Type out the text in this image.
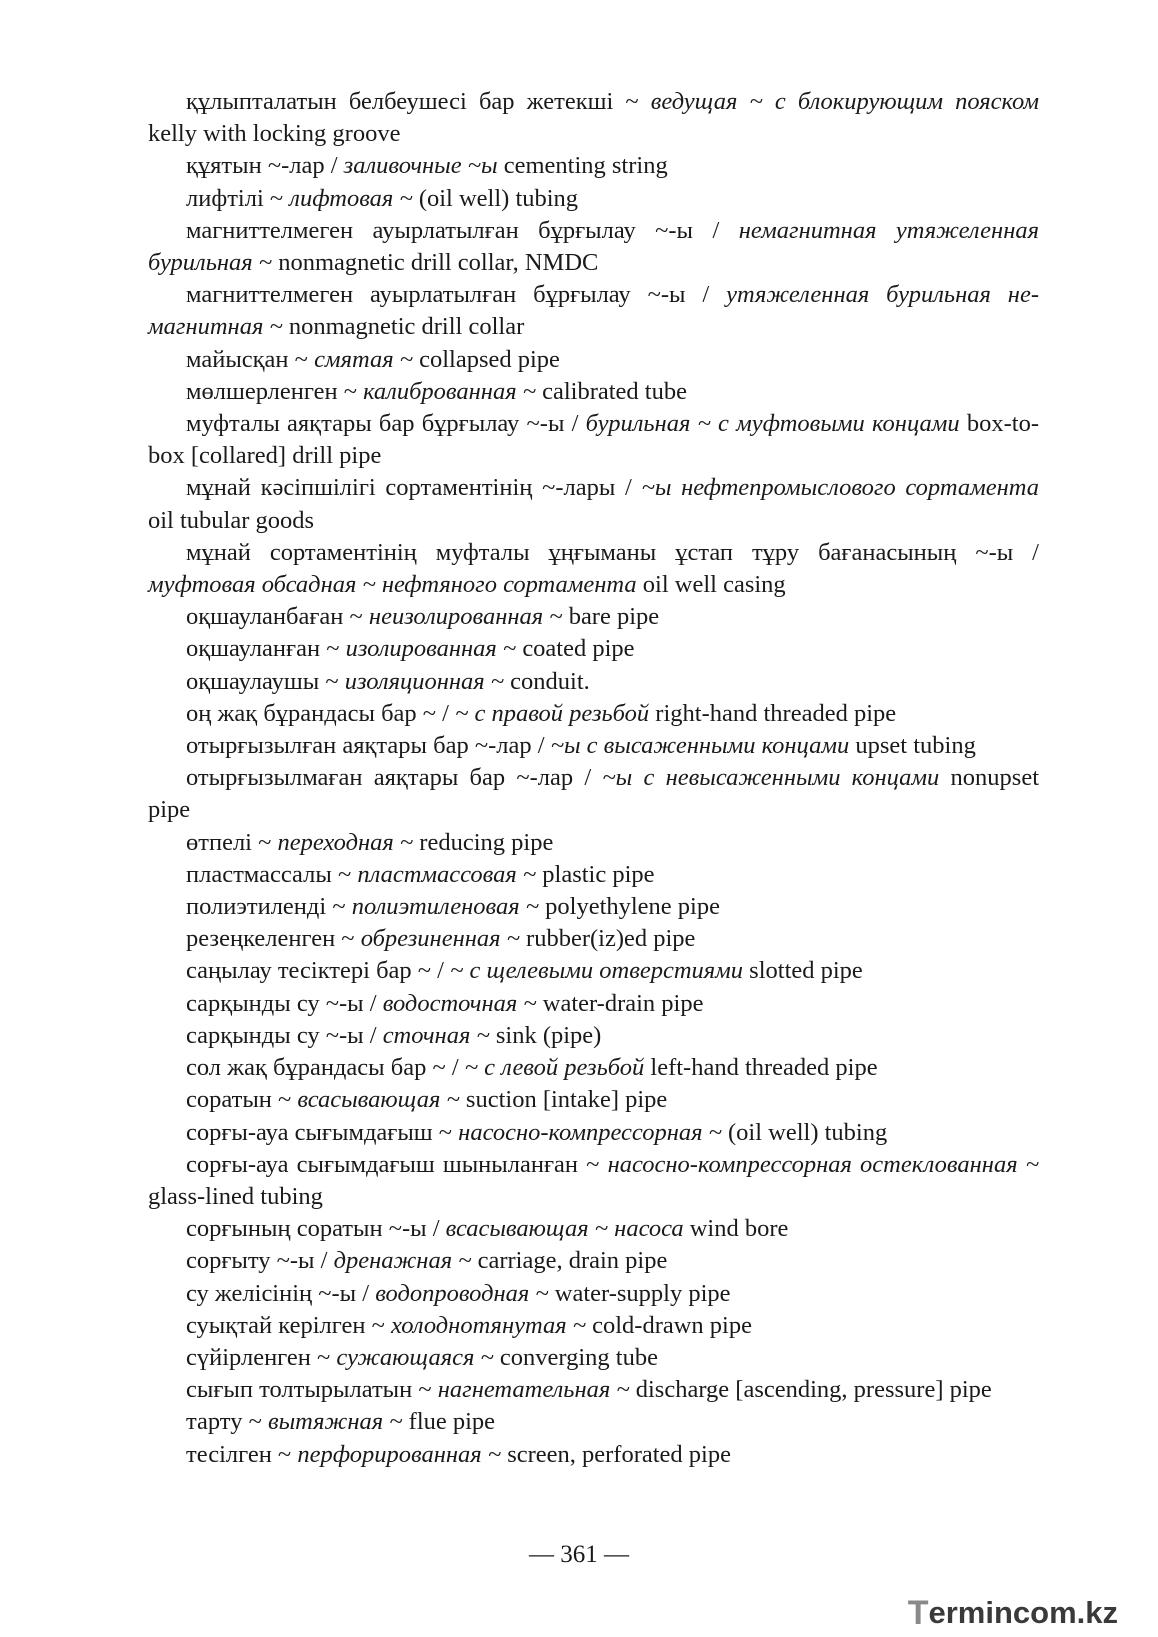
құлыпталатын белбеушесі бар жетекші ~ ведущая ~ с блокирующим пояском kelly with locking groove

құятын ~-лар / заливочные ~ы cementing string

лифтілі ~ лифтовая ~ (oil well) tubing

магниттелмеген ауырлатылған бұрғылау ~-ы / немагнитная утяжеленная бурильная ~ nonmagnetic drill collar, NMDC

магниттелмеген ауырлатылған бұрғылау ~-ы / утяжеленная бурильная немагнитная ~ nonmagnetic drill collar

майысқан ~ смятая ~ collapsed pipe

мөлшерленген ~ калиброванная ~ calibrated tube

муфталы аяқтары бар бұрғылау ~-ы / бурильная ~ с муфтовыми концами box-to-box [collared] drill pipe

мұнай кәсіпшілігі сортаментінің ~-лары / ~ы нефтепромыслового сортамента oil tubular goods

мұнай сортаментінің муфталы ұңғыманы ұстап тұру бағанасының ~-ы / муфтовая обсадная ~ нефтяного сортамента oil well casing

оқшауланбаған ~ неизолированная ~ bare pipe

оқшауланған ~ изолированная ~ coated pipe

оқшаулаушы ~ изоляционная ~ conduit.

оң жақ бұрандасы бар ~ / ~ с правой резьбой right-hand threaded pipe

отырғызылған аяқтары бар ~-лар / ~ы с высаженными концами upset tubing

отырғызылмаған аяқтары бар ~-лар / ~ы с невысаженными концами nonupset pipe

өтпелі ~ переходная ~ reducing pipe

пластмассалы ~ пластмассовая ~ plastic pipe

полиэтиленді ~ полиэтиленовая ~ polyethylene pipe

резеңкеленген ~ обрезиненная ~ rubber(iz)ed pipe

саңылау тесіктері бар ~ / ~ с щелевыми отверстиями slotted pipe

сарқынды су ~-ы / водосточная ~ water-drain pipe

сарқынды су ~-ы / сточная ~ sink (pipe)

сол жақ бұрандасы бар ~ / ~ с левой резьбой left-hand threaded pipe

соратын ~ всасывающая ~ suction [intake] pipe

сорғы-ауа сығымдағыш ~ насосно-компрессорная ~ (oil well) tubing

сорғы-ауа сығымдағыш шыныланған ~ насосно-компрессорная остеклованная ~ glass-lined tubing

сорғының соратын ~-ы / всасывающая ~ насоса wind bore

сорғыту ~-ы / дренажная ~ carriage, drain pipe

су желісінің ~-ы / водопроводная ~ water-supply pipe

суықтай керілген ~ холоднотянутая ~ cold-drawn pipe

сүйірленген ~ сужающаяся ~ converging tube

сығып толтырылатын ~ нагнетательная ~ discharge [ascending, pressure] pipe

тарту ~ вытяжная ~ flue pipe

тесілген ~ перфорированная ~ screen, perforated pipe

— 361 —
T ermincо m.kz
